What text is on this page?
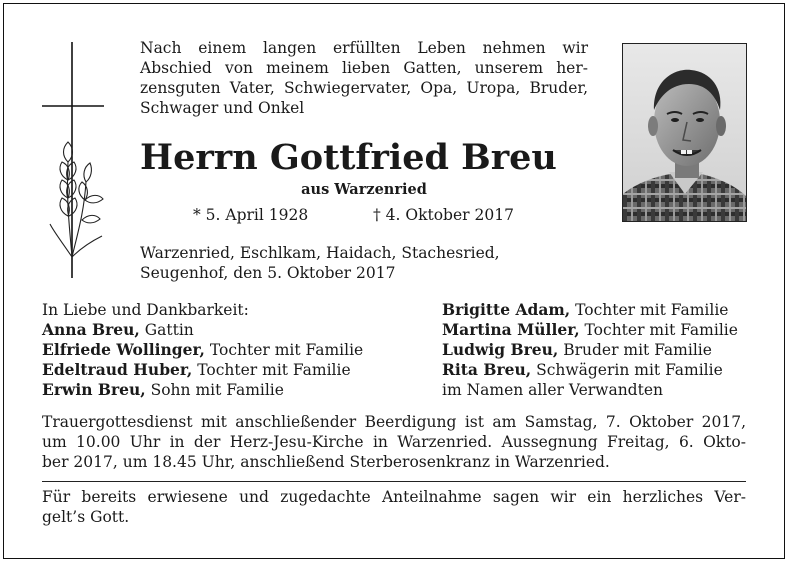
Nach einem langen erfüllten Leben nehmen wir
Abschied von meinem lieben Gatten, unserem her-
zensguten Vater, Schwiegervater, Opa, Uropa, Bruder,
Schwager und Onkel
Herrn Gottfried Breu
aus Warzenried
* 5. April 1928	† 4. Oktober 2017
Warzenried, Eschlkam, Haidach, Stachesried,
Seugenhof, den 5. Oktober 2017
In Liebe und Dankbarkeit:
Anna Breu, Gattin
Elfriede Wollinger, Tochter mit Familie
Edeltraud Huber, Tochter mit Familie
Erwin Breu, Sohn mit Familie
Brigitte Adam, Tochter mit Familie
Martina Müller, Tochter mit Familie
Ludwig Breu, Bruder mit Familie
Rita Breu, Schwägerin mit Familie
im Namen aller Verwandten
Trauergottesdienst mit anschließender Beerdigung ist am Samstag, 7. Oktober 2017,
um 10.00 Uhr in der Herz-Jesu-Kirche in Warzenried. Aussegnung Freitag, 6. Okto-
ber 2017, um 18.45 Uhr, anschließend Sterberosenkranz in Warzenried.
Für bereits erwiesene und zugedachte Anteilnahme sagen wir ein herzliches Ver-
gelt’s Gott.
